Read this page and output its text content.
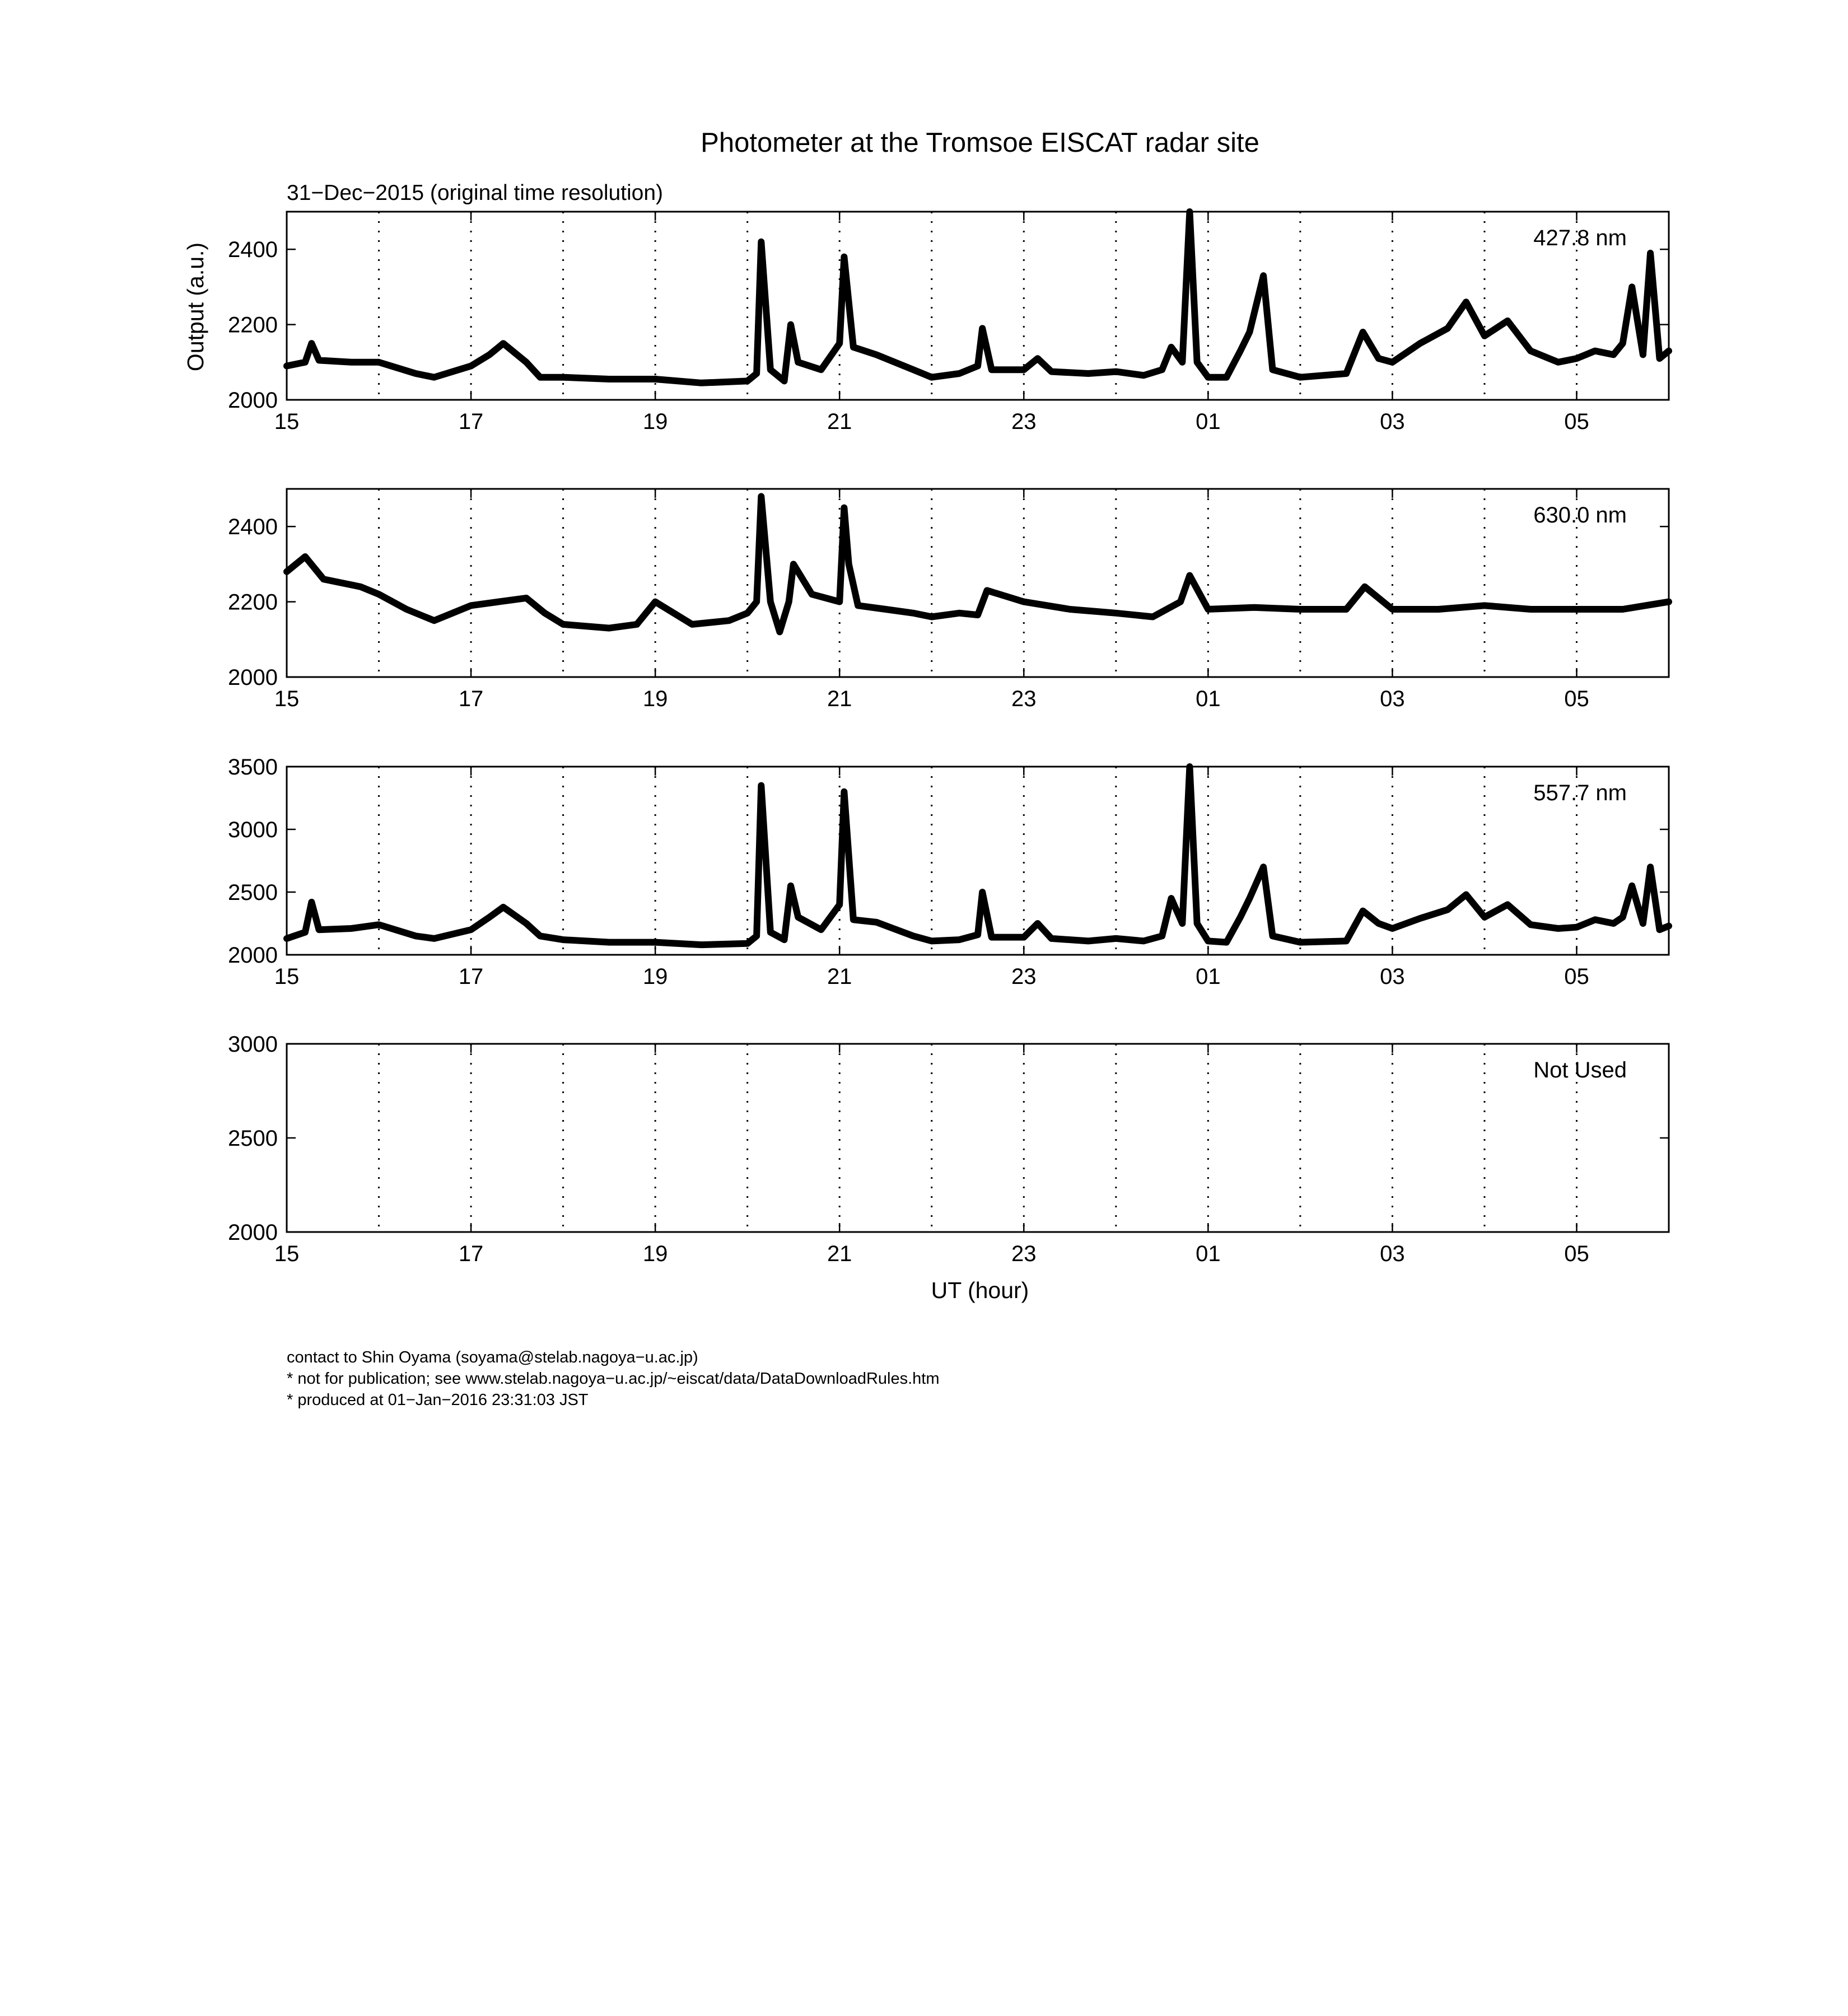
Photometer at the Tromsoe EISCAT radar site
31−Dec−2015 (original time resolution)
Output (a.u.)
UT (hour)
15	17	19	21	23	01	03	05
2000
2200
2400	427.8 nm
15	17	19	21	23	01	03	05
2000
2200
2400	630.0 nm
15	17	19	21	23	01	03	05
2000
2500
3000
3500
557.7 nm
15	17	19	21	23	01	03	05
2000
2500
3000
Not Used
contact to Shin Oyama (soyama@stelab.nagoya−u.ac.jp)
* not for publication; see www.stelab.nagoya−u.ac.jp/~eiscat/data/DataDownloadRules.htm
* produced at 01−Jan−2016 23:31:03 JST
